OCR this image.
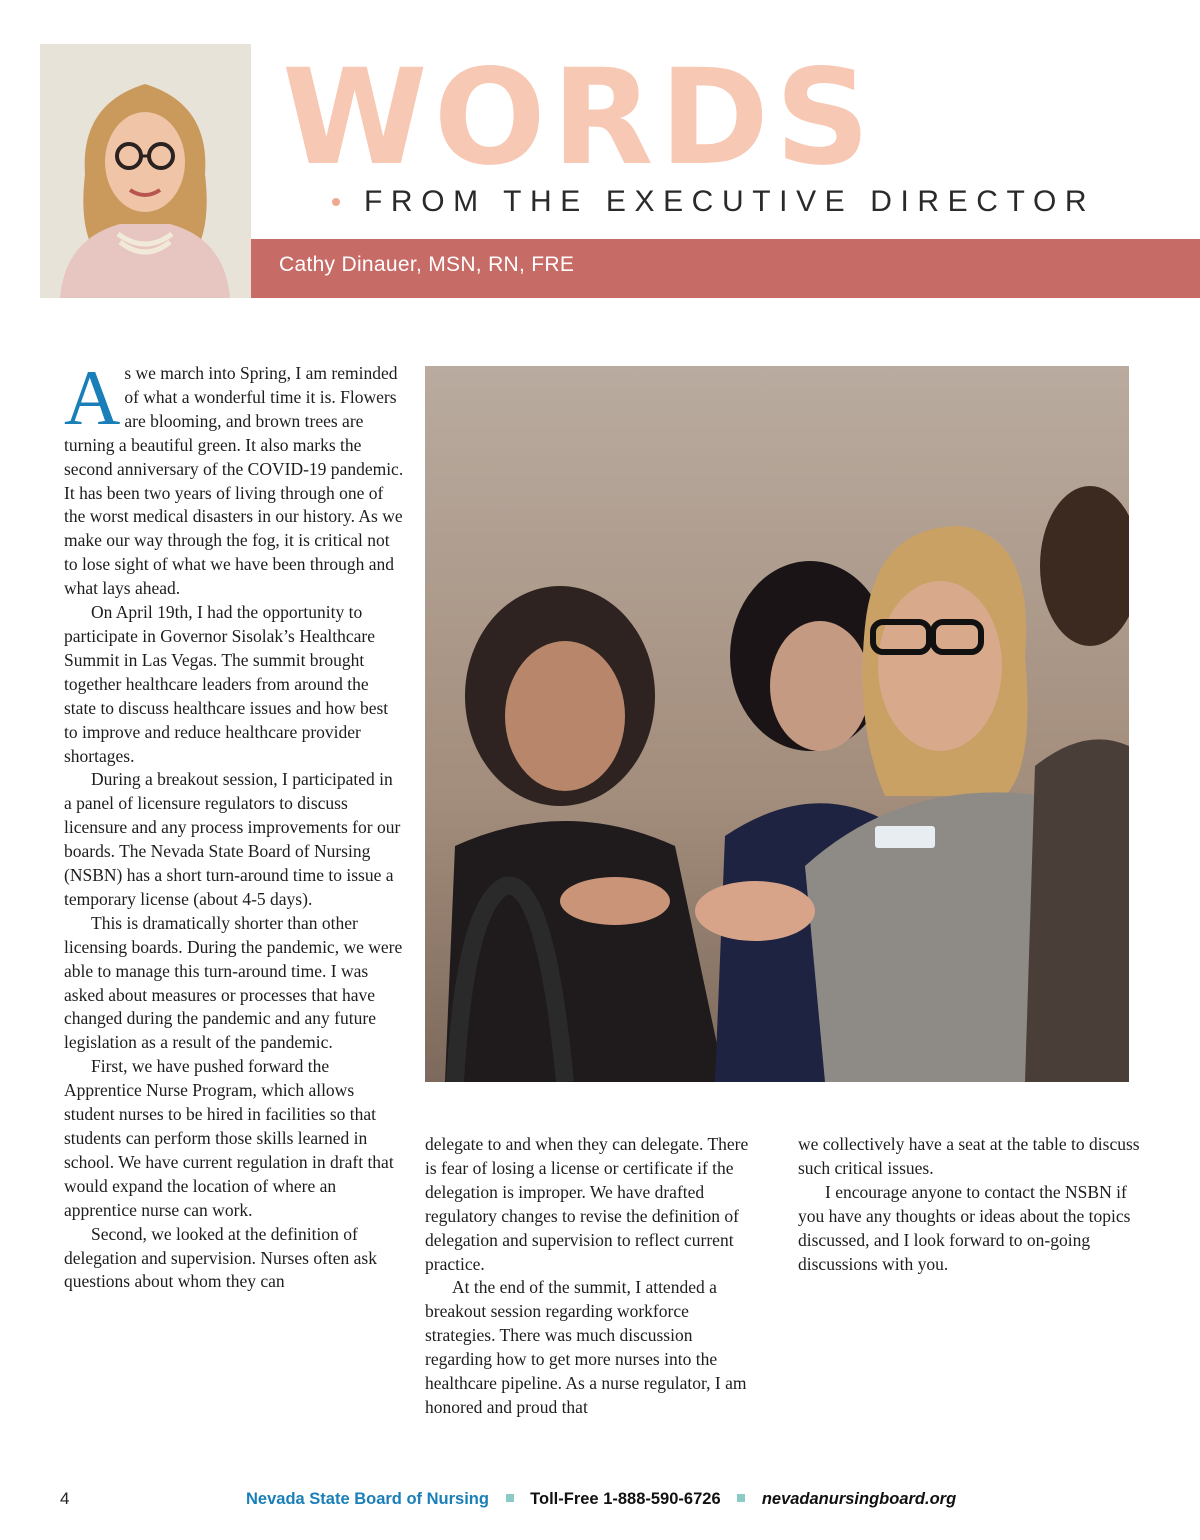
WORDS
FROM THE EXECUTIVE DIRECTOR
Cathy Dinauer, MSN, RN, FRE

As we march into Spring, I am reminded of what a wonderful time it is. Flowers are blooming, and brown trees are turning a beautiful green. It also marks the second anniversary of the COVID-19 pandemic. It has been two years of living through one of the worst medical disasters in our history. As we make our way through the fog, it is critical not to lose sight of what we have been through and what lays ahead.

On April 19th, I had the opportunity to participate in Governor Sisolak’s Healthcare Summit in Las Vegas. The summit brought together healthcare leaders from around the state to discuss healthcare issues and how best to improve and reduce healthcare provider shortages.

During a breakout session, I participated in a panel of licensure regulators to discuss licensure and any process improvements for our boards. The Nevada State Board of Nursing (NSBN) has a short turn-around time to issue a temporary license (about 4-5 days).

This is dramatically shorter than other licensing boards. During the pandemic, we were able to manage this turn-around time. I was asked about measures or processes that have changed during the pandemic and any future legislation as a result of the pandemic.

First, we have pushed forward the Apprentice Nurse Program, which allows student nurses to be hired in facilities so that students can perform those skills learned in school. We have current regulation in draft that would expand the location of where an apprentice nurse can work.

Second, we looked at the definition of delegation and supervision. Nurses often ask questions about whom they can

delegate to and when they can delegate. There is fear of losing a license or certificate if the delegation is improper. We have drafted regulatory changes to revise the definition of delegation and supervision to reflect current practice.

At the end of the summit, I attended a breakout session regarding workforce strategies. There was much discussion regarding how to get more nurses into the healthcare pipeline. As a nurse regulator, I am honored and proud that

we collectively have a seat at the table to discuss such critical issues.

I encourage anyone to contact the NSBN if you have any thoughts or ideas about the topics discussed, and I look forward to on-going discussions with you.

4	Nevada State Board of Nursing Toll-Free 1-888-590-6726 nevadanursingboard.org
